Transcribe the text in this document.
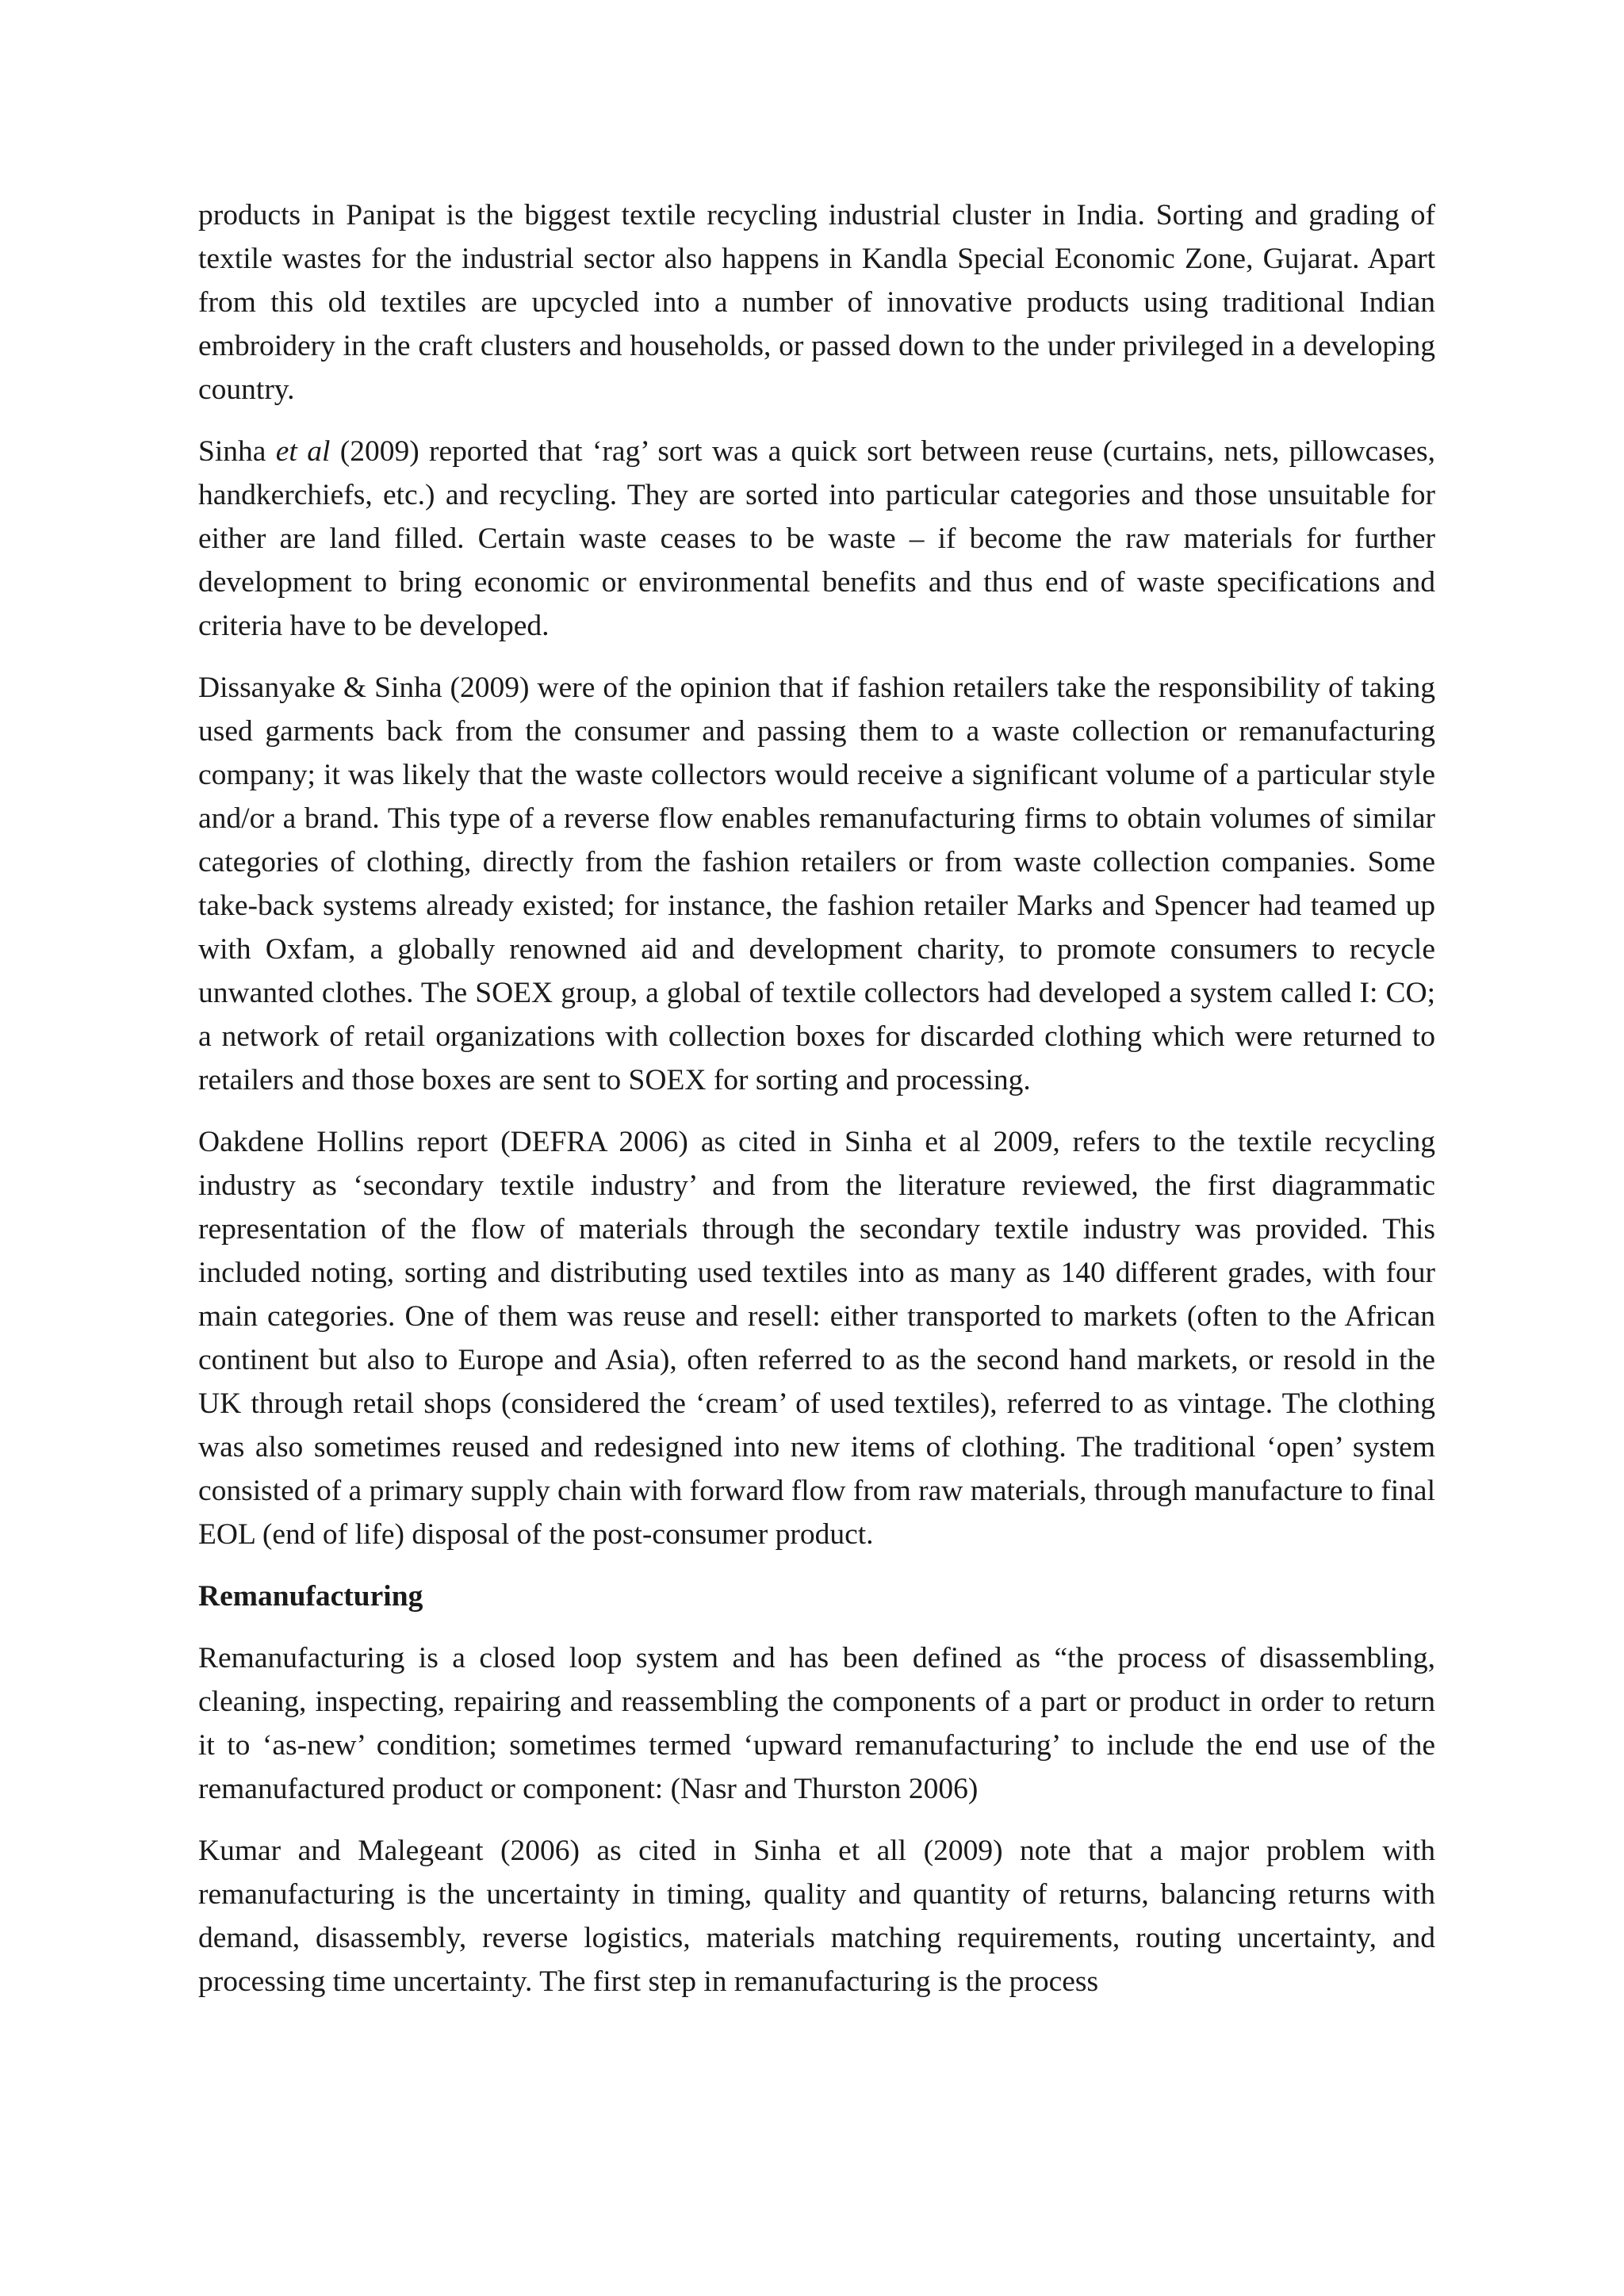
products in Panipat is the biggest textile recycling industrial cluster in India. Sorting and grading of textile wastes for the industrial sector also happens in Kandla Special Economic Zone, Gujarat. Apart from this old textiles are upcycled into a number of innovative products using traditional Indian embroidery in the craft clusters and households, or passed down to the under privileged in a developing country.

Sinha et al (2009) reported that ‘rag’ sort was a quick sort between reuse (curtains, nets, pillowcases, handkerchiefs, etc.) and recycling. They are sorted into particular categories and those unsuitable for either are land filled. Certain waste ceases to be waste – if become the raw materials for further development to bring economic or environmental benefits and thus end of waste specifications and criteria have to be developed.

Dissanyake & Sinha (2009) were of the opinion that if fashion retailers take the responsibility of taking used garments back from the consumer and passing them to a waste collection or remanufacturing company; it was likely that the waste collectors would receive a significant volume of a particular style and/or a brand. This type of a reverse flow enables remanufacturing firms to obtain volumes of similar categories of clothing, directly from the fashion retailers or from waste collection companies. Some take-back systems already existed; for instance, the fashion retailer Marks and Spencer had teamed up with Oxfam, a globally renowned aid and development charity, to promote consumers to recycle unwanted clothes. The SOEX group, a global of textile collectors had developed a system called I: CO; a network of retail organizations with collection boxes for discarded clothing which were returned to retailers and those boxes are sent to SOEX for sorting and processing.

Oakdene Hollins report (DEFRA 2006) as cited in Sinha et al 2009, refers to the textile recycling industry as ‘secondary textile industry’ and from the literature reviewed, the first diagrammatic representation of the flow of materials through the secondary textile industry was provided. This included noting, sorting and distributing used textiles into as many as 140 different grades, with four main categories. One of them was reuse and resell: either transported to markets (often to the African continent but also to Europe and Asia), often referred to as the second hand markets, or resold in the UK through retail shops (considered the ‘cream’ of used textiles), referred to as vintage. The clothing was also sometimes reused and redesigned into new items of clothing. The traditional ‘open’ system consisted of a primary supply chain with forward flow from raw materials, through manufacture to final EOL (end of life) disposal of the post-consumer product.

Remanufacturing

Remanufacturing is a closed loop system and has been defined as “the process of disassembling, cleaning, inspecting, repairing and reassembling the components of a part or product in order to return it to ‘as-new’ condition; sometimes termed ‘upward remanufacturing’ to include the end use of the remanufactured product or component: (Nasr and Thurston 2006)

Kumar and Malegeant (2006) as cited in Sinha et all (2009) note that a major problem with remanufacturing is the uncertainty in timing, quality and quantity of returns, balancing returns with demand, disassembly, reverse logistics, materials matching requirements, routing uncertainty, and processing time uncertainty. The first step in remanufacturing is the process
